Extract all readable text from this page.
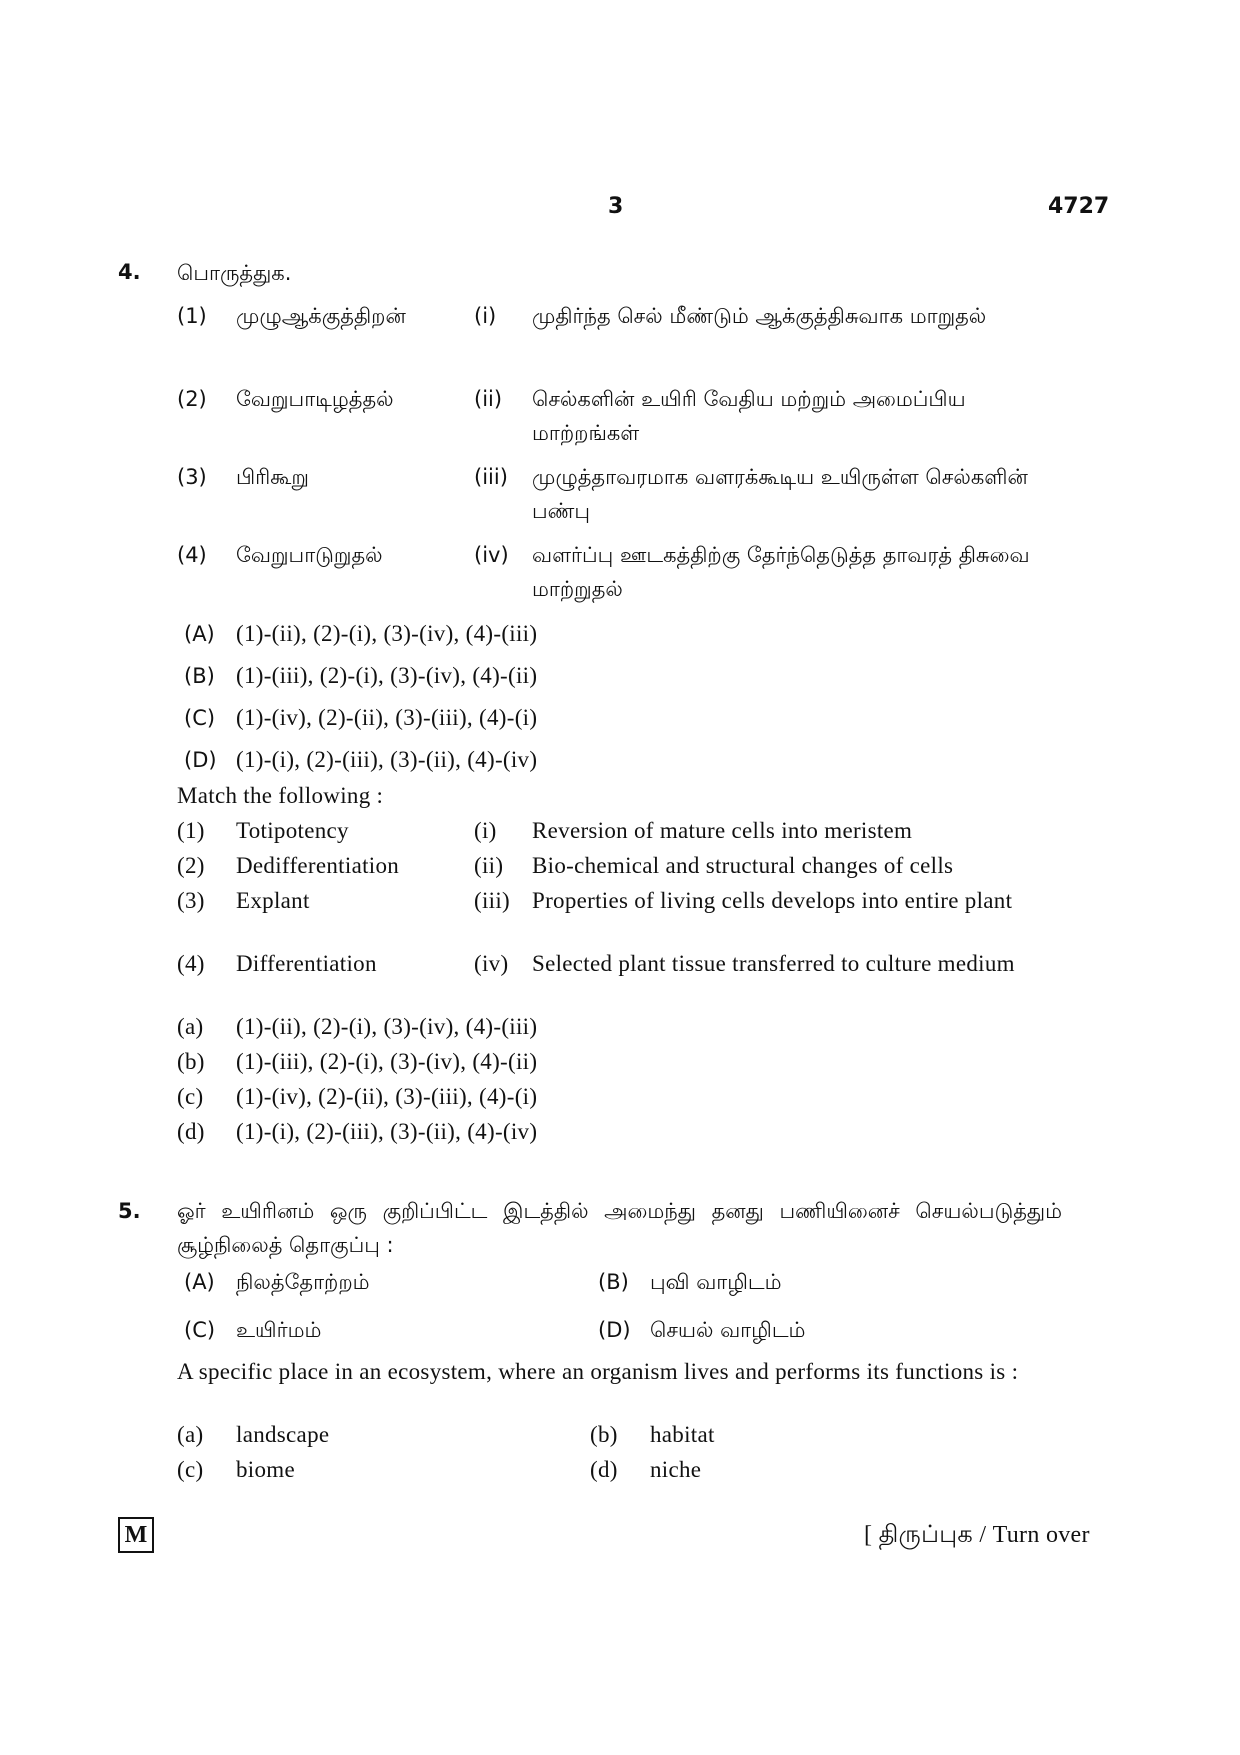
3	4727
4. பொருத்துக.
(1) முழுஆக்குத்திறன்	(i) முதிர்ந்த செல் மீண்டும் ஆக்குத்திசுவாக மாறுதல்
(2) வேறுபாடிழத்தல்	(ii) செல்களின் உயிரி வேதிய மற்றும் அமைப்பிய மாற்றங்கள்
(3) பிரிகூறு	(iii) முழுத்தாவரமாக வளரக்கூடிய உயிருள்ள செல்களின் பண்பு
(4) வேறுபாடுறுதல்	(iv) வளர்ப்பு ஊடகத்திற்கு தேர்ந்தெடுத்த தாவரத் திசுவை மாற்றுதல்
(A) (1)-(ii), (2)-(i), (3)-(iv), (4)-(iii)
(B) (1)-(iii), (2)-(i), (3)-(iv), (4)-(ii)
(C) (1)-(iv), (2)-(ii), (3)-(iii), (4)-(i)
(D) (1)-(i), (2)-(iii), (3)-(ii), (4)-(iv)
Match the following :
(1) Totipotency	(i) Reversion of mature cells into meristem
(2) Dedifferentiation	(ii) Bio-chemical and structural changes of cells
(3) Explant	(iii) Properties of living cells develops into entire plant
(4) Differentiation	(iv) Selected plant tissue transferred to culture medium
(a) (1)-(ii), (2)-(i), (3)-(iv), (4)-(iii)
(b) (1)-(iii), (2)-(i), (3)-(iv), (4)-(ii)
(c) (1)-(iv), (2)-(ii), (3)-(iii), (4)-(i)
(d) (1)-(i), (2)-(iii), (3)-(ii), (4)-(iv)
5. ஓர் உயிரினம் ஒரு குறிப்பிட்ட இடத்தில் அமைந்து தனது பணியினைச் செயல்படுத்தும் சூழ்நிலைத் தொகுப்பு :
(A) நிலத்தோற்றம்	(B) புவி வாழிடம்
(C) உயிர்மம்	(D) செயல் வாழிடம்
A specific place in an ecosystem, where an organism lives and performs its functions is :
(a) landscape	(b) habitat
(c) biome	(d) niche
M	[ திருப்புக / Turn over
